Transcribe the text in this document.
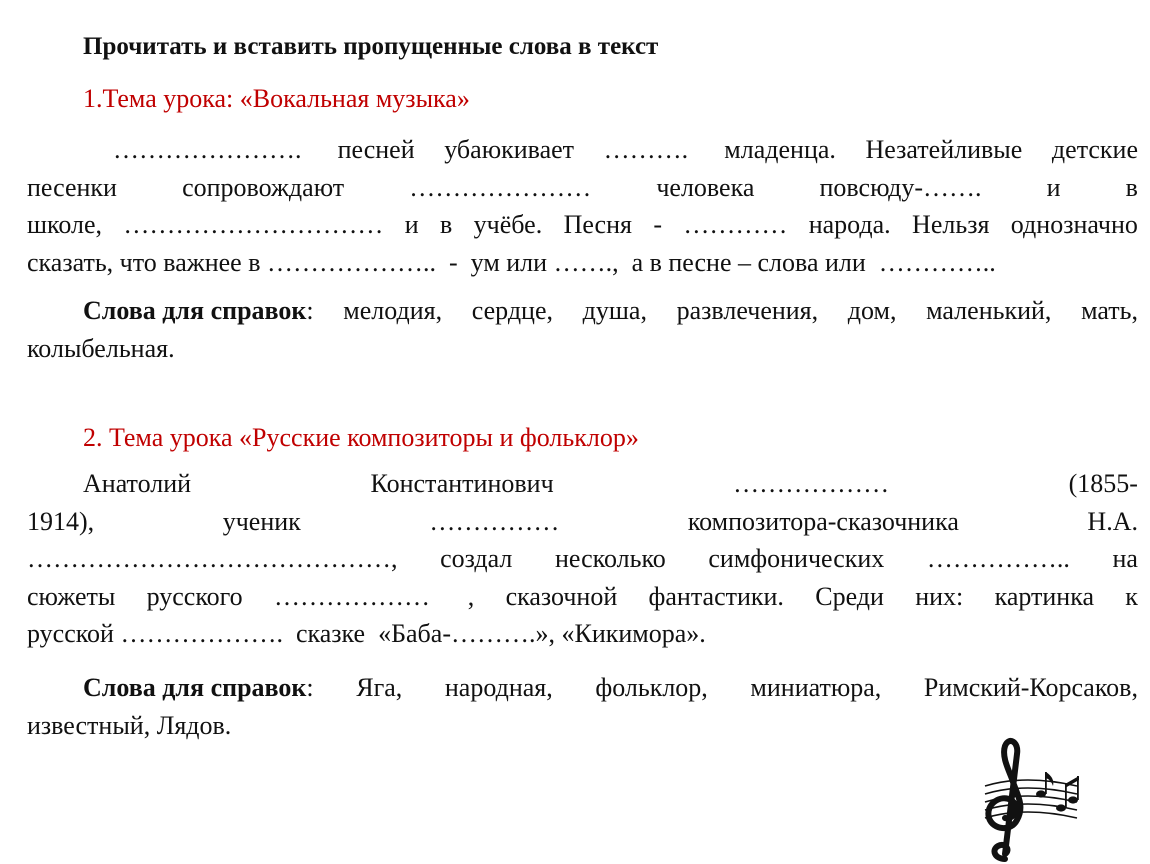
Прочитать и вставить пропущенные слова в текст
1.Тема урока: «Вокальная музыка»
…………………. песней убаюкивает ………. младенца. Незатейливые детские
песенки	сопровождают	…………………	человека	повсюду-…….	и	в
школе, ………………………… и в учёбе. Песня - ………… народа. Нельзя однозначно
сказать, что важнее в ……………….. - ум или ……., а в песне – слова или …………..
Слова для справок: мелодия, сердце, душа, развлечения, дом, маленький, мать,
колыбельная.
2. Тема урока «Русские композиторы и фольклор»
Анатолий	Константинович	………………	(1855-
1914),	ученик	……………	композитора-сказочника	Н.А.
……………………………………, создал несколько симфонических …………….. на
сюжеты русского ……………… , сказочной фантастики. Среди них: картинка к
русской ……………….  сказке  «Баба-……….», «Кикимора».
Слова для справок: Яга, народная, фольклор, миниатюра, Римский-Корсаков,
известный, Лядов.
